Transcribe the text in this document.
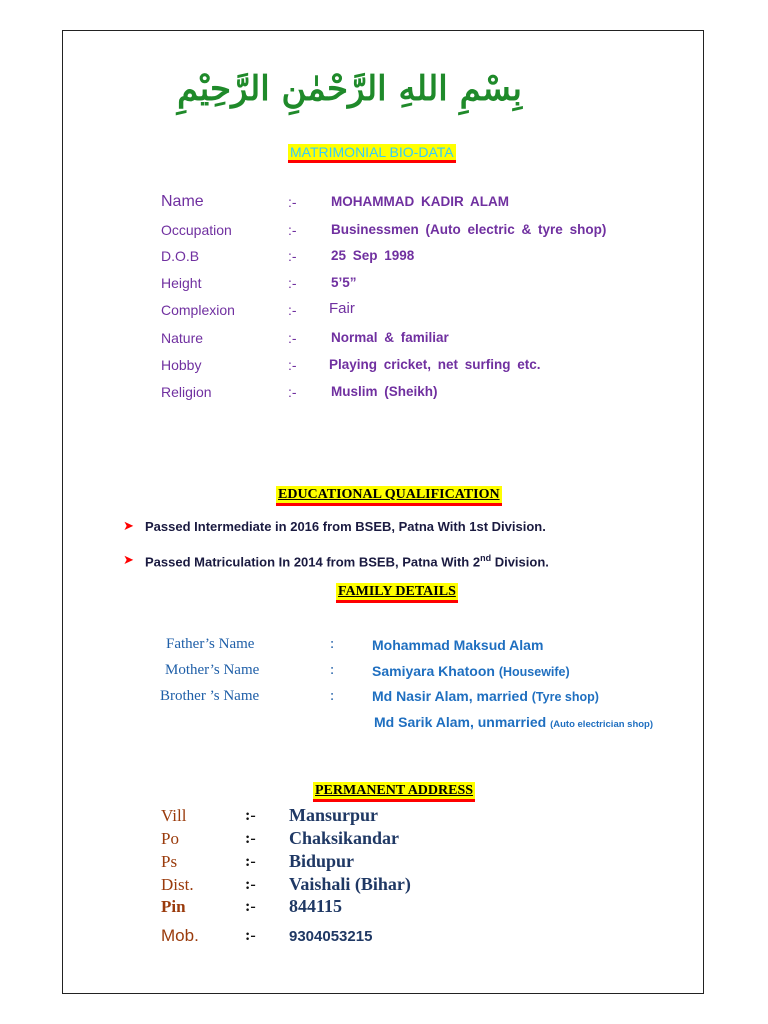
بِسْمِ اللهِ الرَّحْمٰنِ الرَّحِيْمِ
MATRIMONIAL BIO-DATA
Name	:-	MOHAMMAD KADIR ALAM
Occupation	:-	Businessmen (Auto electric & tyre shop)
D.O.B	:-	25 Sep 1998
Height	:-	5’5”
Complexion	:- Fair
Nature	:-	Normal & familiar
Hobby	:- Playing cricket, net surfing etc.
Religion	:-	Muslim (Sheikh)
EDUCATIONAL QUALIFICATION
➤ Passed Intermediate in 2016 from BSEB, Patna With 1st Division.
➤ Passed Matriculation In 2014 from BSEB, Patna With 2nd Division.
FAMILY DETAILS
Father’s Name	:	Mohammad Maksud Alam
Mother’s Name	:	Samiyara Khatoon (Housewife)
Brother ’s Name	:	Md Nasir Alam, married (Tyre shop)
Md Sarik Alam, unmarried (Auto electrician shop)
PERMANENT ADDRESS
Vill	:- Mansurpur
Po	:- Chaksikandar
Ps	:- Bidupur
Dist.	:- Vaishali (Bihar)
Pin	:- 844115
Mob.	:- 9304053215
